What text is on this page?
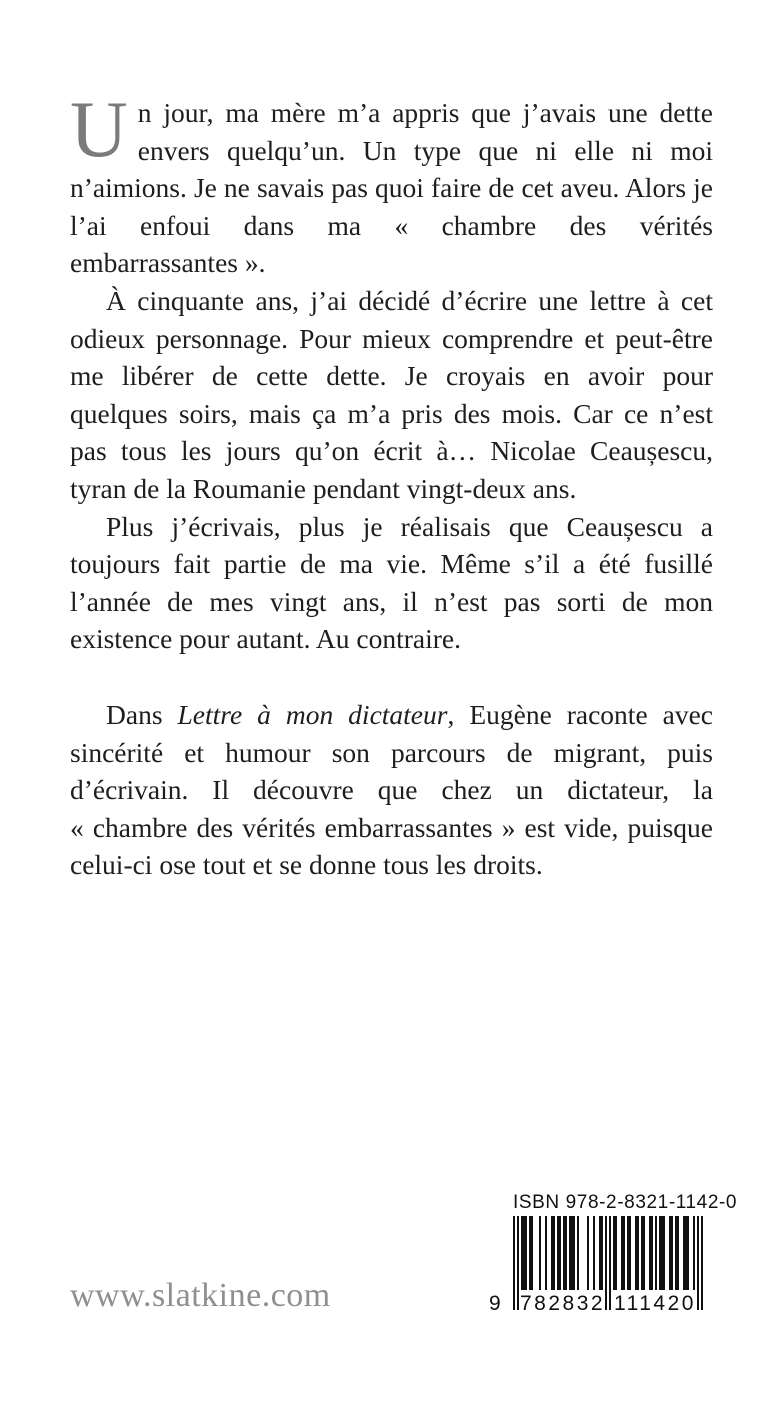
Un jour, ma mère m’a appris que j’avais une dette envers quelqu’un. Un type que ni elle ni moi n’aimions. Je ne savais pas quoi faire de cet aveu. Alors je l’ai enfoui dans ma « chambre des vérités embarrassantes ».

À cinquante ans, j’ai décidé d’écrire une lettre à cet odieux personnage. Pour mieux comprendre et peut-être me libérer de cette dette. Je croyais en avoir pour quelques soirs, mais ça m’a pris des mois. Car ce n’est pas tous les jours qu’on écrit à… Nicolae Ceaușescu, tyran de la Roumanie pendant vingt-deux ans.

Plus j’écrivais, plus je réalisais que Ceaușescu a toujours fait partie de ma vie. Même s’il a été fusillé l’année de mes vingt ans, il n’est pas sorti de mon existence pour autant. Au contraire.

Dans Lettre à mon dictateur, Eugène raconte avec sincérité et humour son parcours de migrant, puis d’écrivain. Il découvre que chez un dictateur, la « chambre des vérités embarrassantes » est vide, puisque celui-ci ose tout et se donne tous les droits.

www.slatkine.com
ISBN 978-2-8321-1142-0
9 782832 111420
